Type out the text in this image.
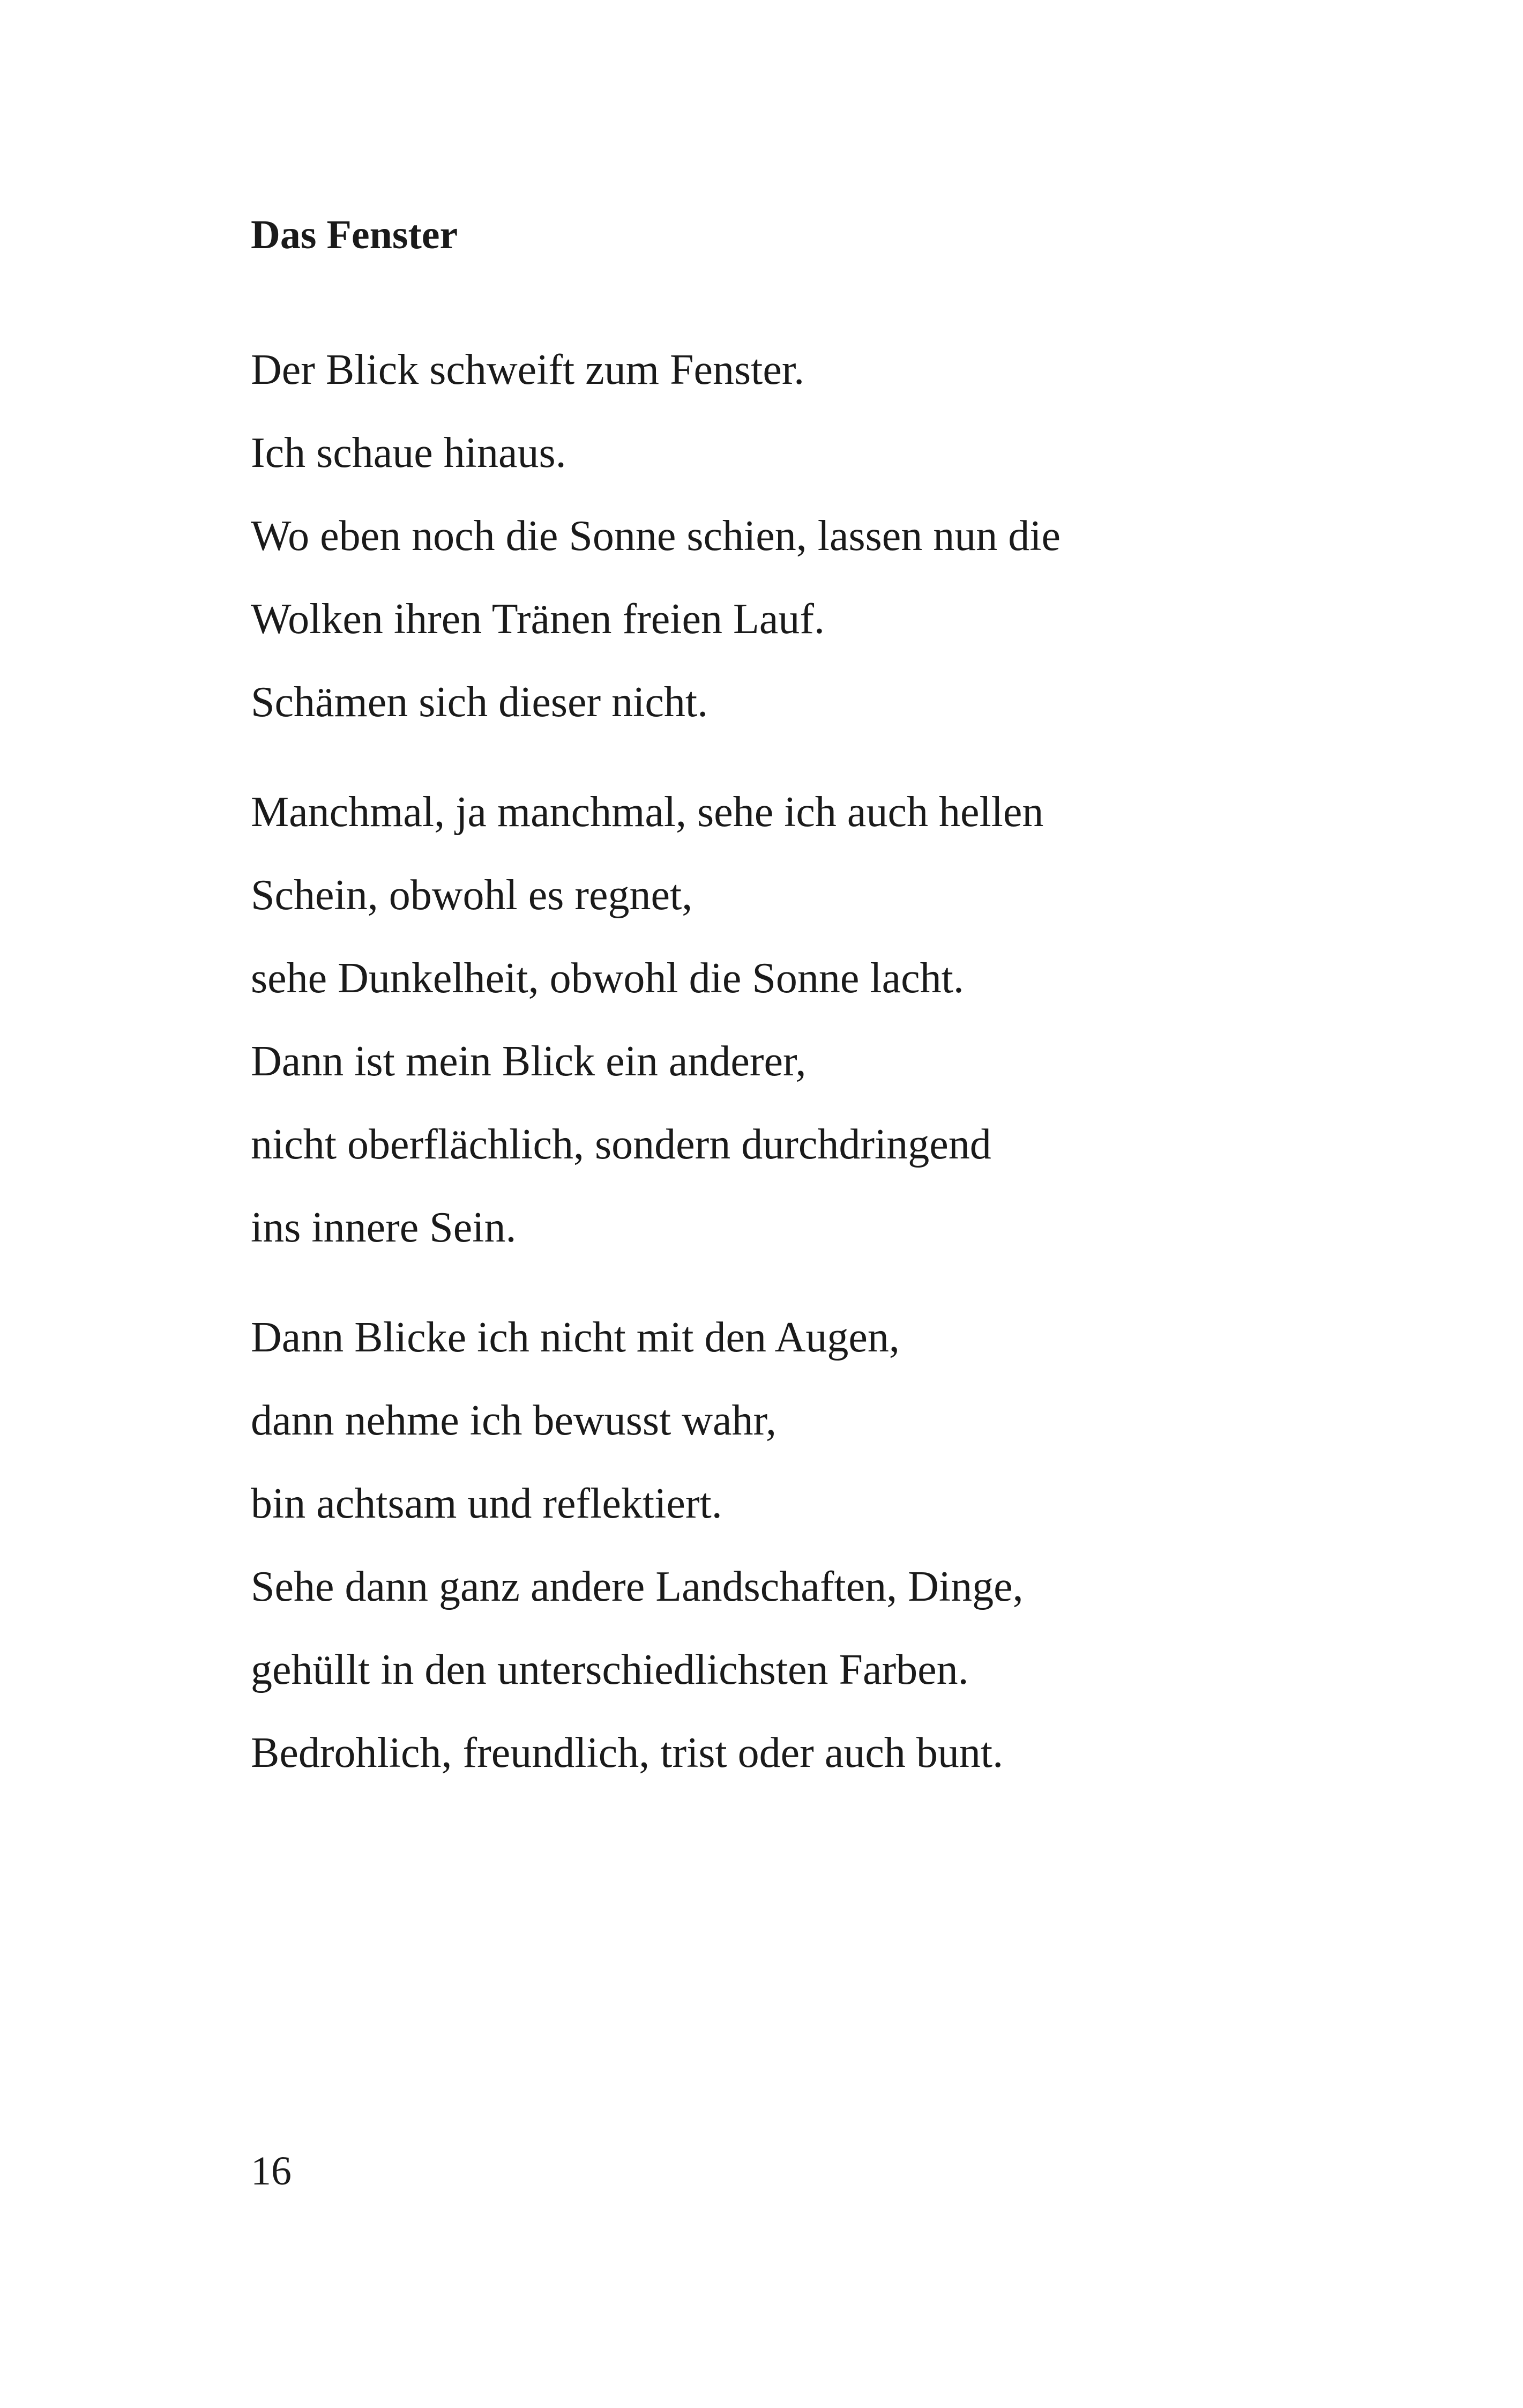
Das Fenster
Der Blick schweift zum Fenster.
Ich schaue hinaus.
Wo eben noch die Sonne schien, lassen nun die
Wolken ihren Tränen freien Lauf.
Schämen sich dieser nicht.
Manchmal, ja manchmal, sehe ich auch hellen
Schein, obwohl es regnet,
sehe Dunkelheit, obwohl die Sonne lacht.
Dann ist mein Blick ein anderer,
nicht oberflächlich, sondern durchdringend
ins innere Sein.
Dann Blicke ich nicht mit den Augen,
dann nehme ich bewusst wahr,
bin achtsam und reflektiert.
Sehe dann ganz andere Landschaften, Dinge,
gehüllt in den unterschiedlichsten Farben.
Bedrohlich, freundlich, trist oder auch bunt.
16
